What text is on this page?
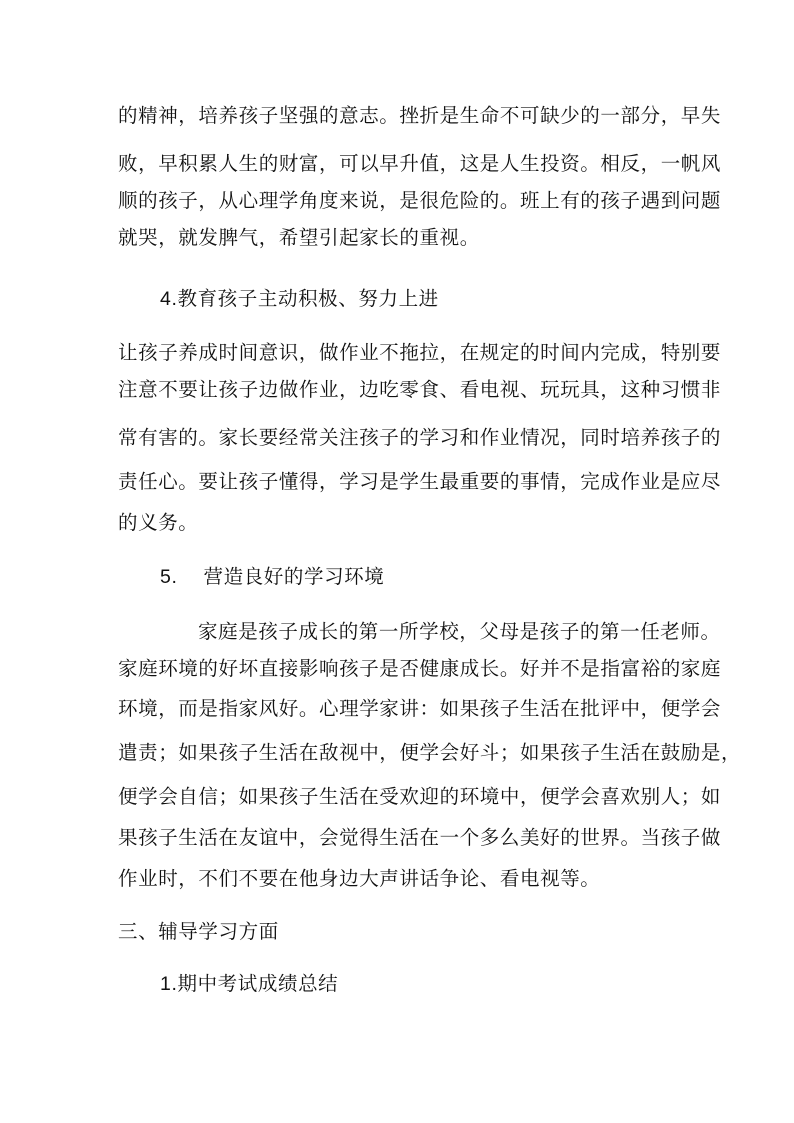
的精神，培养孩子坚强的意志。挫折是生命不可缺少的一部分，早失
败，早积累人生的财富，可以早升值，这是人生投资。相反，一帆风
顺的孩子，从心理学角度来说，是很危险的。班上有的孩子遇到问题
就哭，就发脾气，希望引起家长的重视。
4.教育孩子主动积极、努力上进
让孩子养成时间意识，做作业不拖拉，在规定的时间内完成，特别要
注意不要让孩子边做作业，边吃零食、看电视、玩玩具，这种习惯非
常有害的。家长要经常关注孩子的学习和作业情况，同时培养孩子的
责任心。要让孩子懂得，学习是学生最重要的事情，完成作业是应尽
的义务。
5. 营造良好的学习环境
家庭是孩子成长的第一所学校，父母是孩子的第一任老师。
家庭环境的好坏直接影响孩子是否健康成长。好并不是指富裕的家庭
环境，而是指家风好。心理学家讲：如果孩子生活在批评中，便学会
遣责；如果孩子生活在敌视中，便学会好斗；如果孩子生活在鼓励是，
便学会自信；如果孩子生活在受欢迎的环境中，便学会喜欢别人；如
果孩子生活在友谊中，会觉得生活在一个多么美好的世界。当孩子做
作业时，不们不要在他身边大声讲话争论、看电视等。
三、辅导学习方面
1.期中考试成绩总结
